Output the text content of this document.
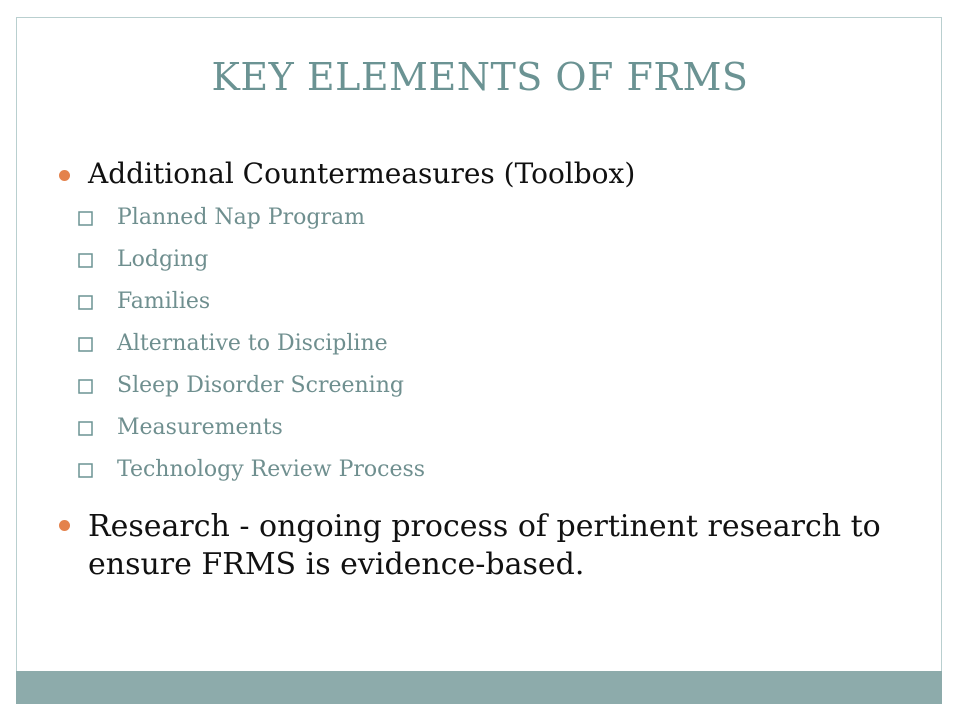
KEY ELEMENTS OF FRMS
Additional Countermeasures (Toolbox)
Planned Nap Program
Lodging
Families
Alternative to Discipline
Sleep Disorder Screening
Measurements
Technology Review Process
Research - ongoing process of pertinent research to ensure FRMS is evidence-based.
